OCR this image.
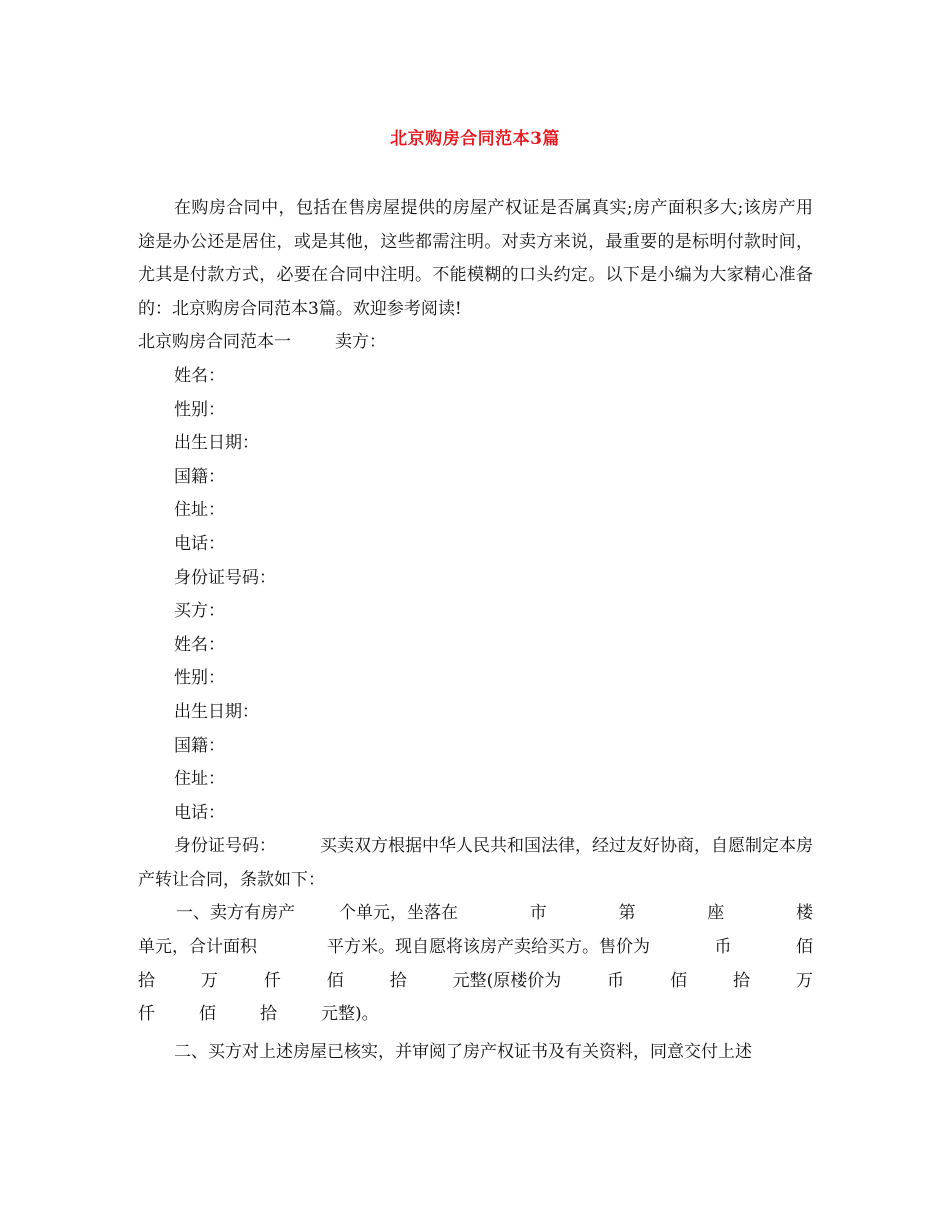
北京购房合同范本3篇

在购房合同中，包括在售房屋提供的房屋产权证是否属真实;房产面积多大;该房产用途是办公还是居住，或是其他，这些都需注明。对卖方来说，最重要的是标明付款时间，尤其是付款方式，必要在合同中注明。不能模糊的口头约定。以下是小编为大家精心准备的：北京购房合同范本3篇。欢迎参考阅读!

北京购房合同范本一	卖方：

姓名：

性别：

出生日期：

国籍：

住址：

电话：

身份证号码：

买方：

姓名：

性别：

出生日期：

国籍：

住址：

电话：

身份证号码：	买卖双方根据中华人民共和国法律，经过友好协商，自愿制定本房产转让合同，条款如下：

一、卖方有房产	个单元，坐落在	市	第	座	楼

单元，合计面积	平方米。现自愿将该房产卖给买方。售价为	币	佰

拾	万	仟	佰	拾	元整(原楼价为	币	佰	拾	万

仟	佰	拾	元整)。

二、买方对上述房屋已核实，并审阅了房产权证书及有关资料，同意交付上述
